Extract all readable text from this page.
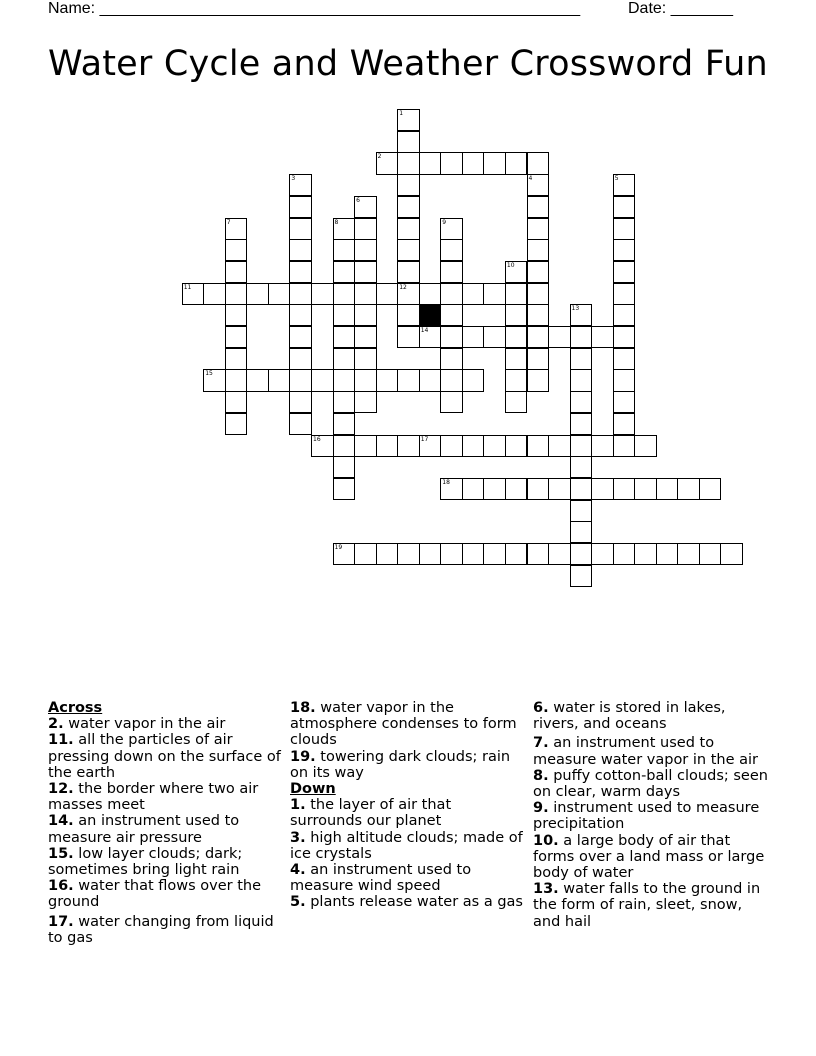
Name: ______________________________________________________	Date: _______
Water Cycle and Weather Crossword Fun
1
12
2
3	4	5
6
7	8	9
10
11
13
14
15
16	17
18
19
Across
2. water vapor in the air
11. all the particles of air pressing down on the surface of the earth
12. the border where two air masses meet
14. an instrument used to measure air pressure
15. low layer clouds; dark; sometimes bring light rain
16. water that flows over the ground
17. water changing from liquid to gas
18. water vapor in the atmosphere condenses to form clouds
19. towering dark clouds; rain on its way
Down
1. the layer of air that surrounds our planet
3. high altitude clouds; made of ice crystals
4. an instrument used to measure wind speed
5. plants release water as a gas
6. water is stored in lakes, rivers, and oceans
7. an instrument used to measure water vapor in the air
8. puffy cotton-ball clouds; seen on clear, warm days
9. instrument used to measure precipitation
10. a large body of air that forms over a land mass or large body of water
13. water falls to the ground in the form of rain, sleet, snow, and hail
